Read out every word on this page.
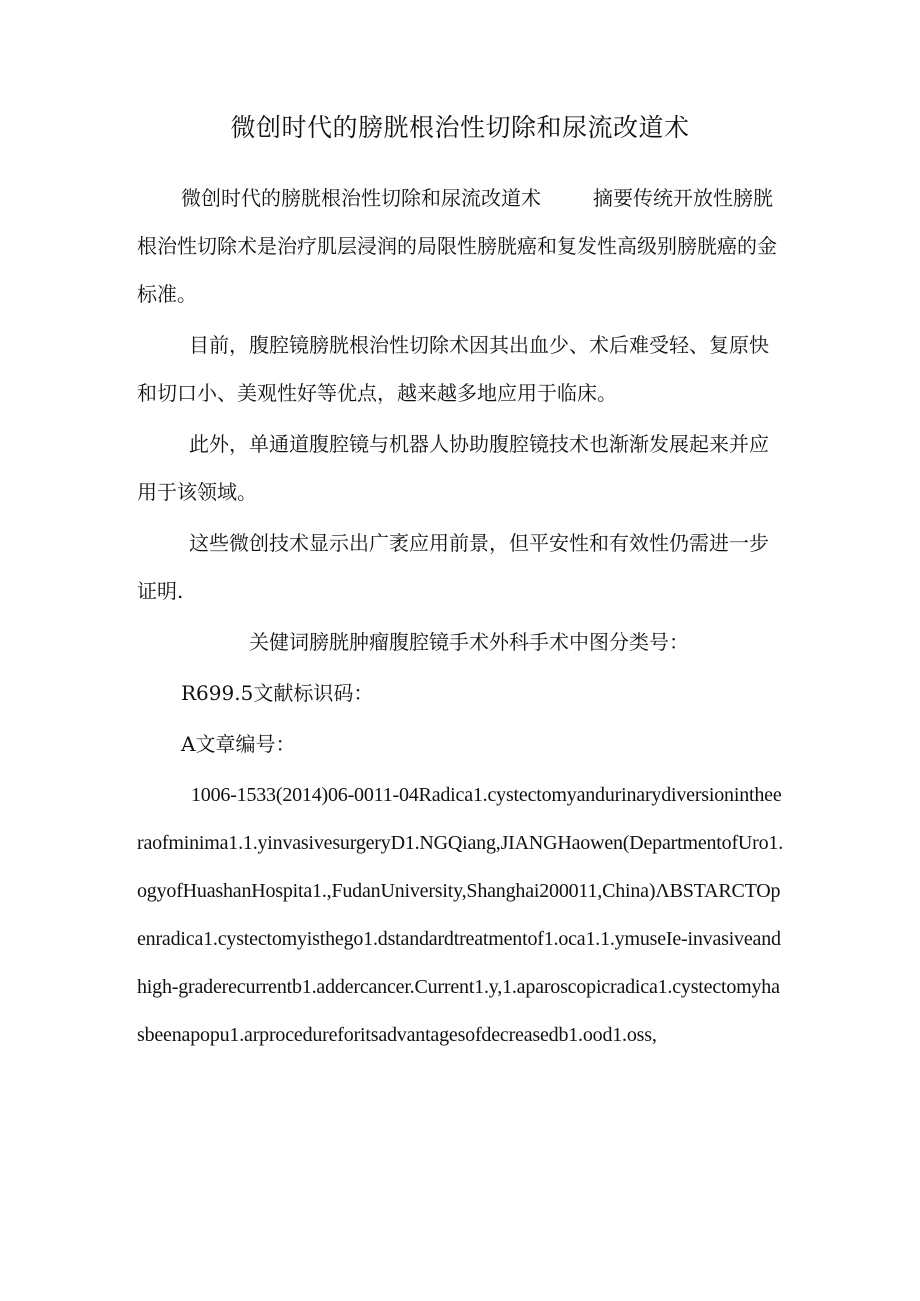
微创时代的膀胱根治性切除和尿流改道术

微创时代的膀胱根治性切除和尿流改道术	摘要传统开放性膀胱根治性切除术是治疗肌层浸润的局限性膀胱癌和复发性高级别膀胱癌的金标准。

目前，腹腔镜膀胱根治性切除术因其出血少、术后难受轻、复原快和切口小、美观性好等优点，越来越多地应用于临床。

此外，单通道腹腔镜与机器人协助腹腔镜技术也渐渐发展起来并应用于该领域。

这些微创技术显示出广袤应用前景，但平安性和有效性仍需进一步证明.

关健词膀胱肿瘤腹腔镜手术外科手术中图分类号：

R699.5文献标识码：

A文章编号：

1006-1533(2014)06-0011-04Radica1.cystectomyandurinarydiversionintheeraofminima1.1.yinvasivesurgeryD1.NGQiang,JIANGHaowen(DepartmentofUro1.ogyofHuashanHospita1.,FudanUniversity,Shanghai200011,China)ΛBSTARCTOpenradica1.cystectomyisthego1.dstandardtreatmentof1.oca1.1.ymuseIe-invasiveandhigh-graderecurrentb1.addercancer.Current1.y,1.aparoscopicradica1.cystectomyhasbeenapopu1.arprocedureforitsadvantagesofdecreasedb1.ood1.oss,
